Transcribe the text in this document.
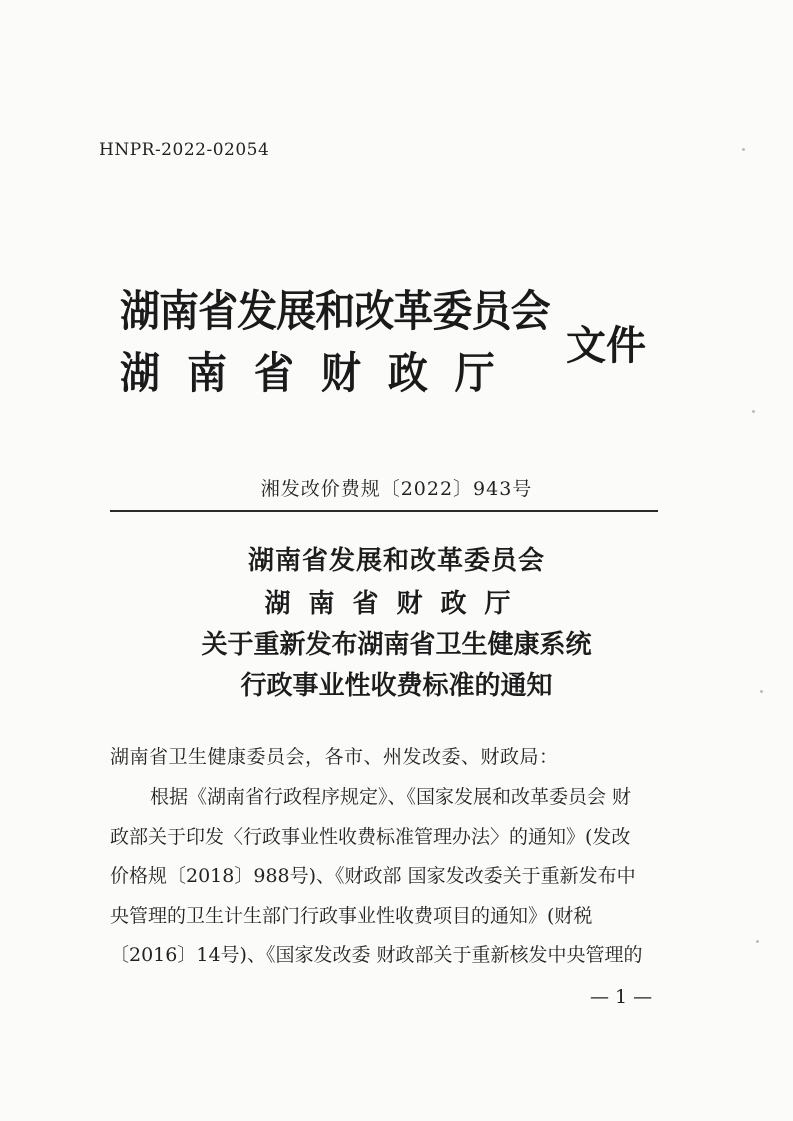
HNPR-2022-02054
湖南省发展和改革委员会
湖南省财政厅
文件
湘发改价费规〔2022〕943号
湖南省发展和改革委员会
湖南省财政厅
关于重新发布湖南省卫生健康系统
行政事业性收费标准的通知
湖南省卫生健康委员会，各市、州发改委、财政局：
根据《湖南省行政程序规定》、《国家发展和改革委员会 财
政部关于印发〈行政事业性收费标准管理办法〉的通知》(发改
价格规〔2018〕988号)、《财政部 国家发改委关于重新发布中
央管理的卫生计生部门行政事业性收费项目的通知》(财税
〔2016〕14号)、《国家发改委 财政部关于重新核发中央管理的
— 1 —
